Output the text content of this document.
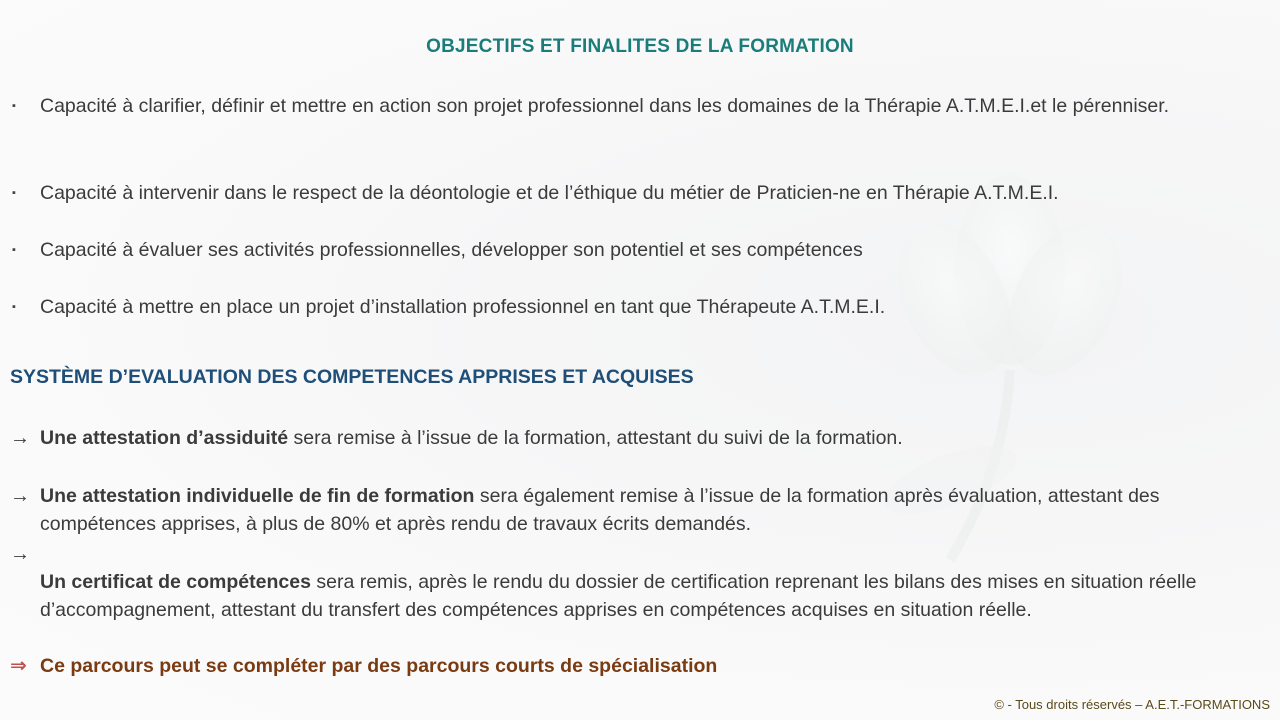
OBJECTIFS ET FINALITES DE LA FORMATION
▪	Capacité à clarifier, définir et mettre en action son projet professionnel dans les domaines de la Thérapie A.T.M.E.I.et le pérenniser.
▪	Capacité à intervenir dans le respect de la déontologie et de l’éthique du métier de Praticien-ne en Thérapie A.T.M.E.I.
▪	Capacité à évaluer ses activités professionnelles, développer son potentiel et ses compétences
▪	Capacité à mettre en place un projet d’installation professionnel en tant que Thérapeute A.T.M.E.I.
SYSTÈME D’EVALUATION DES COMPETENCES APPRISES ET ACQUISES
→ Une attestation d’assiduité sera remise à l’issue de la formation, attestant du suivi de la formation.
→ Une attestation individuelle de fin de formation sera également remise à l’issue de la formation après évaluation, attestant des compétences apprises, à plus de 80% et après rendu de travaux écrits demandés.
→
Un certificat de compétences sera remis, après le rendu du dossier de certification reprenant les bilans des mises en situation réelle d’accompagnement, attestant du transfert des compétences apprises en compétences acquises en situation réelle.
⇒ Ce parcours peut se compléter par des parcours courts de spécialisation
© - Tous droits réservés – A.E.T.-FORMATIONS
